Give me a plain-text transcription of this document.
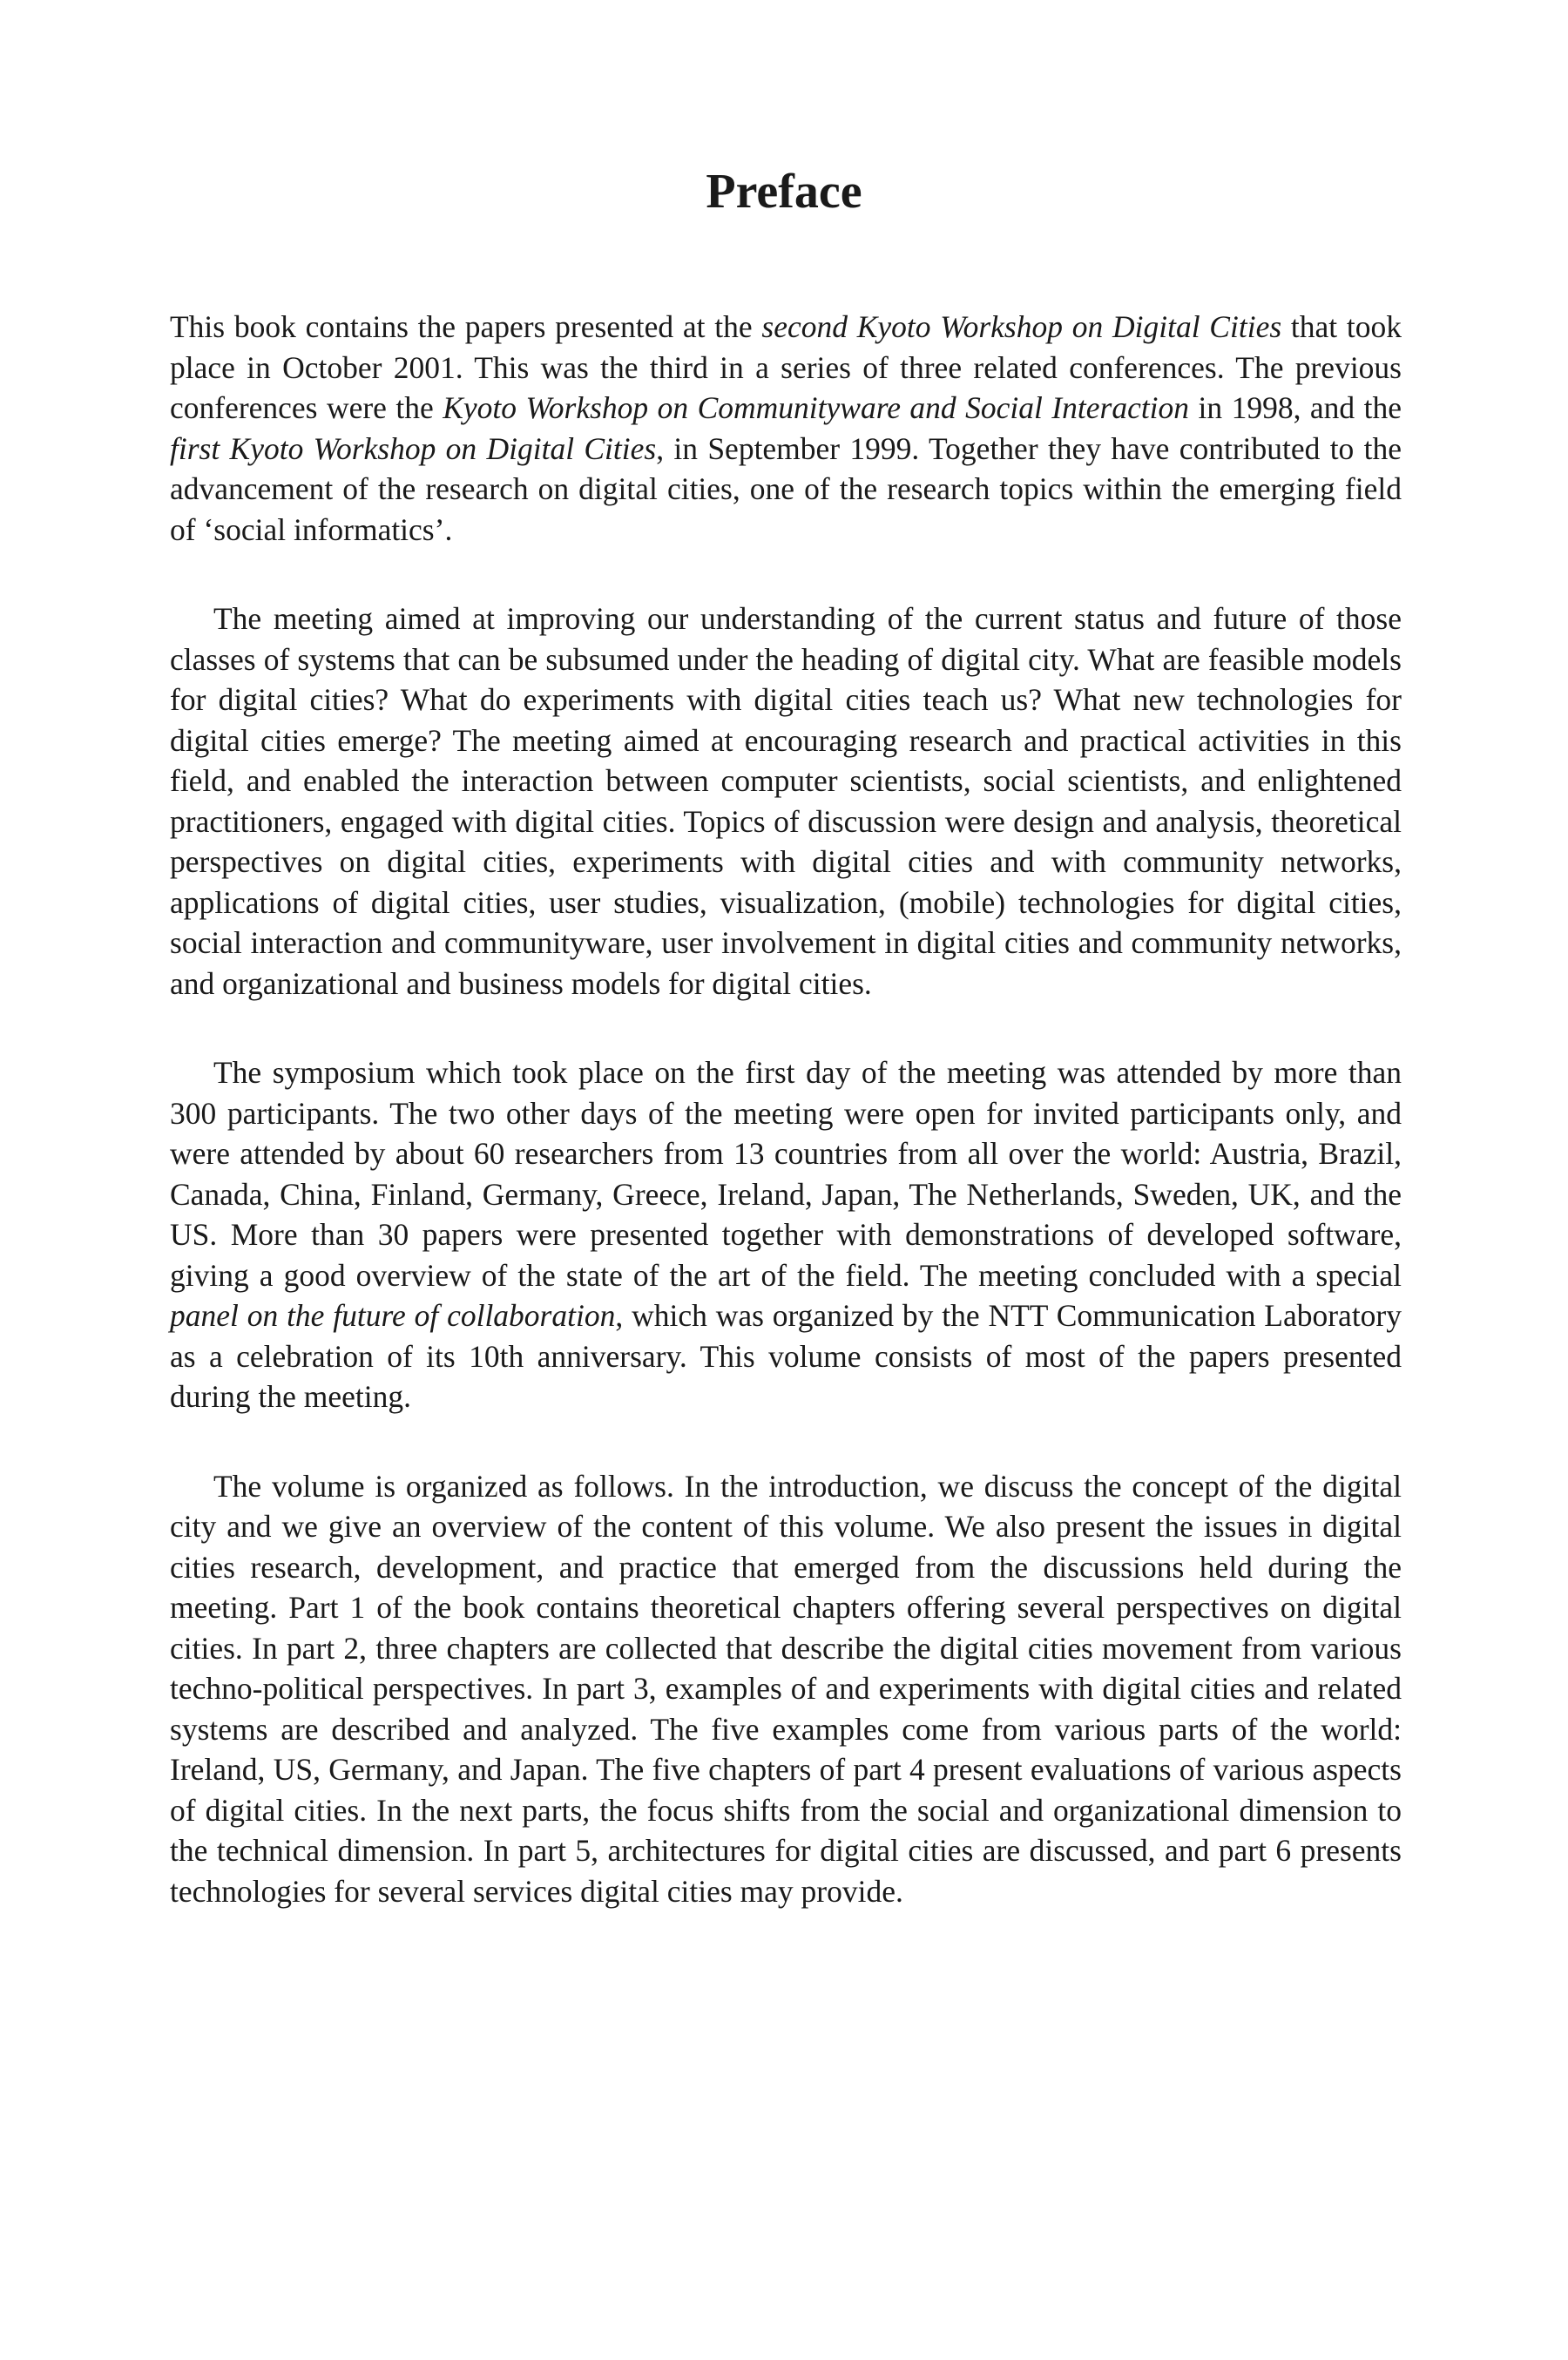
Preface

This book contains the papers presented at the second Kyoto Workshop on Digital Cities that took place in October 2001. This was the third in a series of three related conferences. The previous conferences were the Kyoto Workshop on Communityware and Social Interaction in 1998, and the first Kyoto Workshop on Digital Cities, in September 1999. Together they have contributed to the advancement of the research on digital cities, one of the research topics within the emerging field of ‘social informatics’.

The meeting aimed at improving our understanding of the current status and future of those classes of systems that can be subsumed under the heading of digital city. What are feasible models for digital cities? What do experiments with digital cities teach us? What new technologies for digital cities emerge? The meeting aimed at encouraging research and practical activities in this field, and enabled the interaction between computer scientists, social scientists, and enlightened practitioners, engaged with digital cities. Topics of discussion were design and analysis, theoretical perspectives on digital cities, experiments with digital cities and with community networks, applications of digital cities, user studies, visualization, (mobile) technologies for digital cities, social interaction and communityware, user involvement in digital cities and community networks, and organizational and business models for digital cities.

The symposium which took place on the first day of the meeting was attended by more than 300 participants. The two other days of the meeting were open for invited participants only, and were attended by about 60 researchers from 13 countries from all over the world: Austria, Brazil, Canada, China, Finland, Germany, Greece, Ireland, Japan, The Netherlands, Sweden, UK, and the US. More than 30 papers were presented together with demonstrations of developed software, giving a good overview of the state of the art of the field. The meeting concluded with a special panel on the future of collaboration, which was organized by the NTT Communication Laboratory as a celebration of its 10th anniversary. This volume consists of most of the papers presented during the meeting.

The volume is organized as follows. In the introduction, we discuss the concept of the digital city and we give an overview of the content of this volume. We also present the issues in digital cities research, development, and practice that emerged from the discussions held during the meeting. Part 1 of the book contains theoretical chapters offering several perspectives on digital cities. In part 2, three chapters are collected that describe the digital cities movement from various techno-political perspectives. In part 3, examples of and experiments with digital cities and related systems are described and analyzed. The five examples come from various parts of the world: Ireland, US, Germany, and Japan. The five chapters of part 4 present evaluations of various aspects of digital cities. In the next parts, the focus shifts from the social and organizational dimension to the technical dimension. In part 5, architectures for digital cities are discussed, and part 6 presents technologies for several services digital cities may provide.
